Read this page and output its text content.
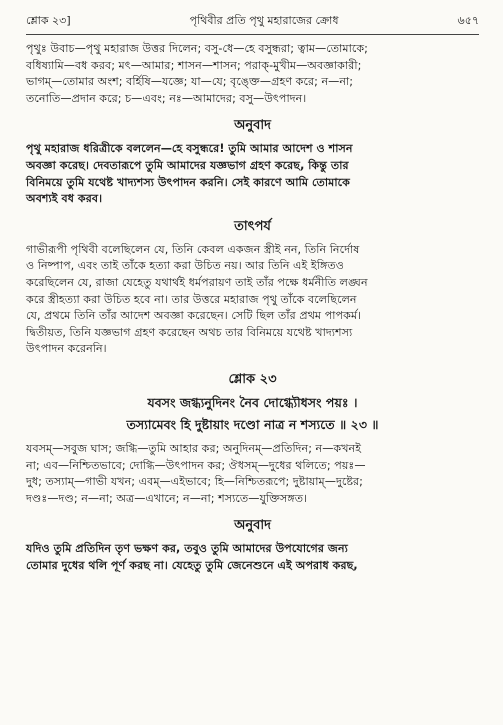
শ্লোক ২৩]	পৃথিবীর প্রতি পৃথু মহারাজের ক্রোধ	৬৫৭

পৃথুঃ উবাচ—পৃথু মহারাজ উত্তর দিলেন; বসু-ধে—হে বসুন্ধরা; ত্বাম—তোমাকে;

বধিষ্যামি—বধ করব; মৎ—আমার; শাসন—শাসন; পরাক্-মুখীম—অবজ্ঞাকারী;

ভাগম্—তোমার অংশ; বর্হিষি—যজ্ঞে; যা—যে; বৃঙ্ক্তে—গ্রহণ করে; ন—না;

তনোতি—প্রদান করে; চ—এবং; নঃ—আমাদের; বসু—উৎপাদন।

অনুবাদ

পৃথু মহারাজ ধরিত্রীকে বললেন—হে বসুন্ধরে! তুমি আমার আদেশ ও শাসন

অবজ্ঞা করেছ। দেবতারূপে তুমি আমাদের যজ্ঞভাগ গ্রহণ করেছ, কিন্তু তার

বিনিময়ে তুমি যথেষ্ট খাদ্যশস্য উৎপাদন করনি। সেই কারণে আমি তোমাকে

অবশ্যই বধ করব।

তাৎপর্য

গাভীরূপী পৃথিবী বলেছিলেন যে, তিনি কেবল একজন স্ত্রীই নন, তিনি নির্দোষ

ও নিষ্পাপ, এবং তাই তাঁকে হত্যা করা উচিত নয়। আর তিনি এই ইঙ্গিতও

করেছিলেন যে, রাজা যেহেতু যথার্থই ধর্মপরায়ণ তাই তাঁর পক্ষে ধর্মনীতি লঙ্ঘন

করে স্ত্রীহত্যা করা উচিত হবে না। তার উত্তরে মহারাজ পৃথু তাঁকে বলেছিলেন

যে, প্রথমে তিনি তাঁর আদেশ অবজ্ঞা করেছেন। সেটি ছিল তাঁর প্রথম পাপকর্ম।

দ্বিতীয়ত, তিনি যজ্ঞভাগ গ্রহণ করেছেন অথচ তার বিনিময়ে যথেষ্ট খাদ্যশস্য

উৎপাদন করেননি।

শ্লোক ২৩

যবসং জগ্ধ্যনুদিনং নৈব দোগ্ধ্যৌধসং পয়ঃ ।

তস্যামেবং হি দুষ্টায়াং দণ্ডো নাত্র ন শস্যতে ॥ ২৩ ॥

যবসম্—সবুজ ঘাস; জগ্ধি—তুমি আহার কর; অনুদিনম্—প্রতিদিন; ন—কখনই

না; এব—নিশ্চিতভাবে; দোগ্ধি—উৎপাদন কর; ঔধসম্—দুধের থলিতে; পয়ঃ—

দুধ; তস্যাম্—গাভী যখন; এবম্—এইভাবে; হি—নিশ্চিতরূপে; দুষ্টায়াম্—দুষ্টের;

দণ্ডঃ—দণ্ড; ন—না; অত্র—এখানে; ন—না; শস্যতে—যুক্তিসঙ্গত।

অনুবাদ

যদিও তুমি প্রতিদিন তৃণ ভক্ষণ কর, তবুও তুমি আমাদের উপযোগের জন্য

তোমার দুধের থলি পূর্ণ করছ না। যেহেতু তুমি জেনেশুনে এই অপরাধ করছ,
